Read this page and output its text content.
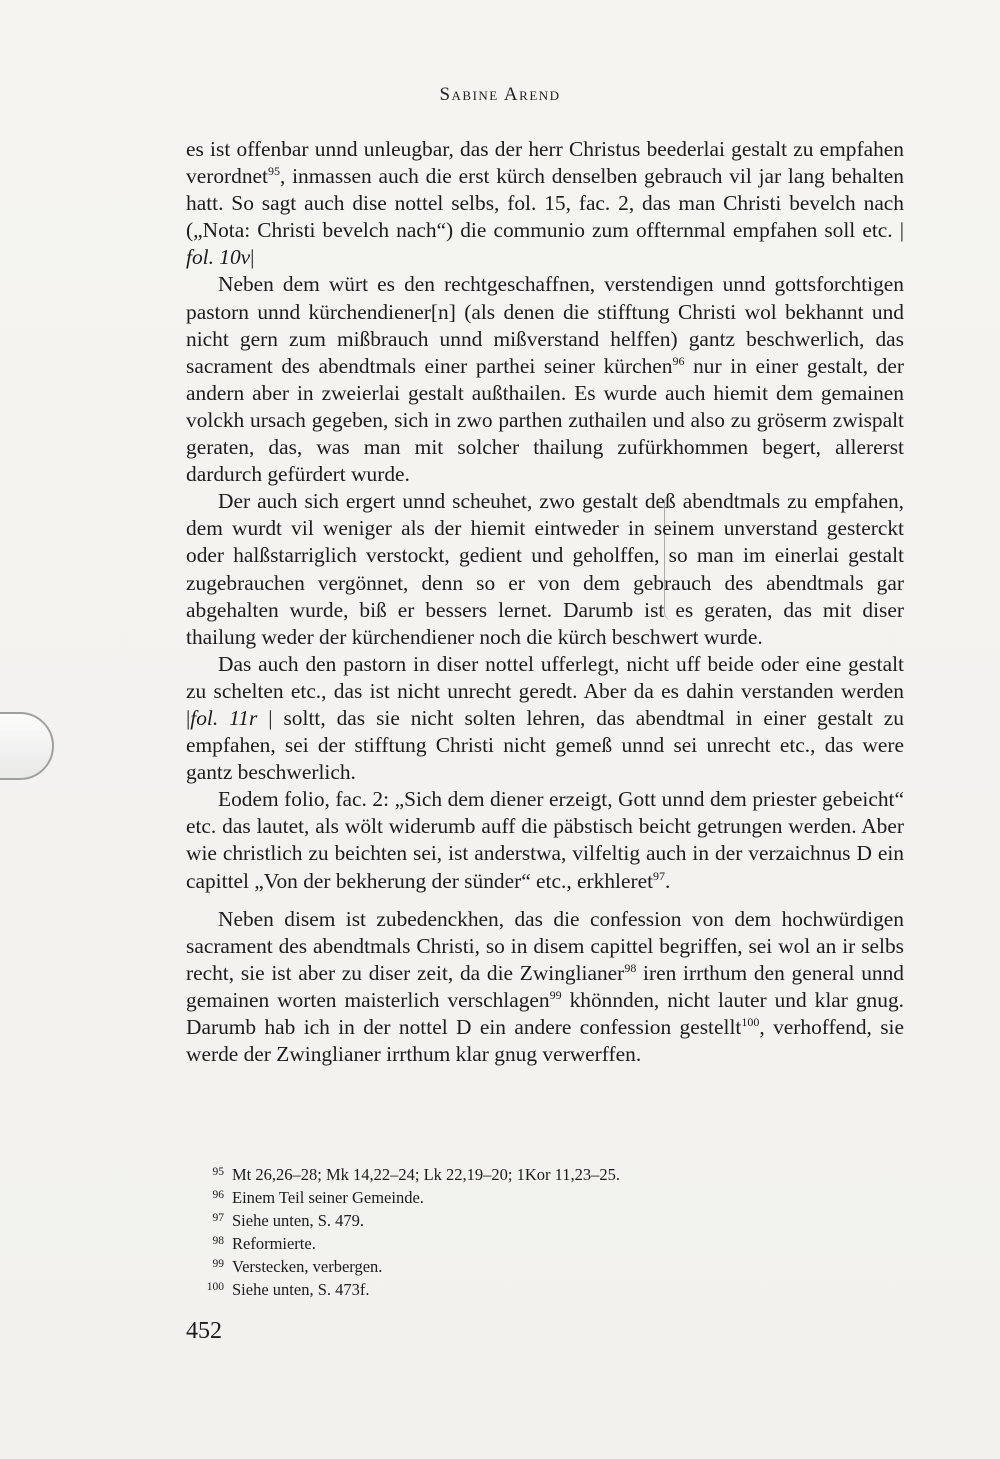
Sabine Arend

es ist offenbar unnd unleugbar, das der herr Christus beederlai gestalt zu empfahen verordnet$^{95}$, inmassen auch die erst kürch denselben gebrauch vil jar lang behalten hatt. So sagt auch dise nottel selbs, fol. 15, fac. 2, das man Christi bevelch nach („Nota: Christi bevelch nach“) die communio zum offternmal empfahen soll etc. | fol. 10v|

Neben dem würt es den rechtgeschaffnen, verstendigen unnd gottsforchtigen pastorn unnd kürchendiener[n] (als denen die stifftung Christi wol bekhannt und nicht gern zum mißbrauch unnd mißverstand helffen) gantz beschwerlich, das sacrament des abendtmals einer parthei seiner kürchen$^{96}$ nur in einer gestalt, der andern aber in zweierlai gestalt außthailen. Es wurde auch hiemit dem gemainen volckh ursach gegeben, sich in zwo parthen zuthailen und also zu gröserm zwispalt geraten, das, was man mit solcher thailung zufürkhommen begert, allererst dardurch gefürdert wurde.

Der auch sich ergert unnd scheuhet, zwo gestalt deß abendtmals zu empfahen, dem wurdt vil weniger als der hiemit eintweder in seinem unverstand gesterckt oder halßstarriglich verstockt, gedient und geholffen, so man im einerlai gestalt zugebrauchen vergönnet, denn so er von dem gebrauch des abendtmals gar abgehalten wurde, biß er bessers lernet. Darumb ist es geraten, das mit diser thailung weder der kürchendiener noch die kürch beschwert wurde.

Das auch den pastorn in diser nottel ufferlegt, nicht uff beide oder eine gestalt zu schelten etc., das ist nicht unrecht geredt. Aber da es dahin verstanden werden |fol. 11r | soltt, das sie nicht solten lehren, das abendtmal in einer gestalt zu empfahen, sei der stifftung Christi nicht gemeß unnd sei unrecht etc., das were gantz beschwerlich.

Eodem folio, fac. 2: „Sich dem diener erzeigt, Gott unnd dem priester gebeicht“ etc. das lautet, als wölt widerumb auff die päbstisch beicht getrungen werden. Aber wie christlich zu beichten sei, ist anderstwa, vilfeltig auch in der verzaichnus D ein capittel „Von der bekherung der sünder“ etc., erkhleret$^{97}$.

Neben disem ist zubedenckhen, das die confession von dem hochwürdigen sacrament des abendtmals Christi, so in disem capittel begriffen, sei wol an ir selbs recht, sie ist aber zu diser zeit, da die Zwinglianer$^{98}$ iren irrthum den general unnd gemainen worten maisterlich verschlagen$^{99}$ khönnden, nicht lauter und klar gnug. Darumb hab ich in der nottel D ein andere confession gestellt$^{100}$, verhoffend, sie werde der Zwinglianer irrthum klar gnug verwerffen.

95 Mt 26,26–28; Mk 14,22–24; Lk 22,19–20; 1Kor 11,23–25.
96 Einem Teil seiner Gemeinde.
97 Siehe unten, S. 479.
98 Reformierte.
99 Verstecken, verbergen.
100 Siehe unten, S. 473f.
452
